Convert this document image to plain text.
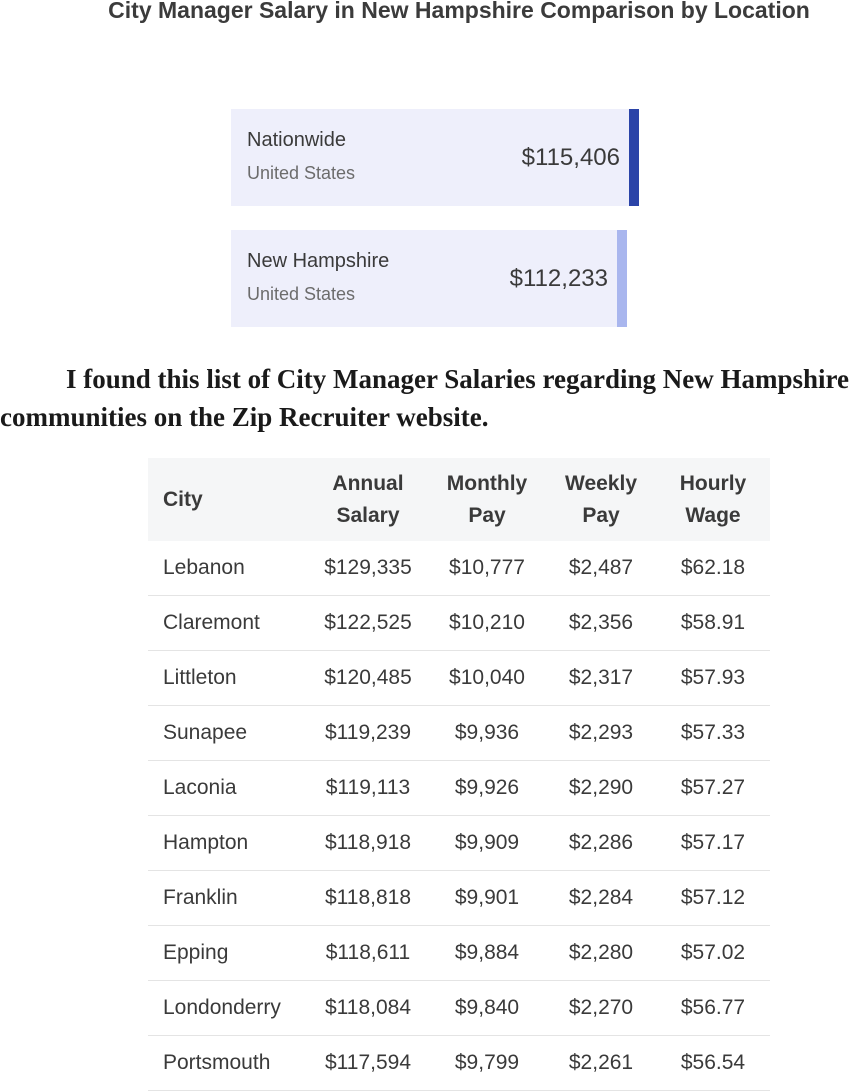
City Manager Salary in New Hampshire Comparison by Location
Nationwide
United States
$115,406
New Hampshire
United States
$112,233

I found this list of City Manager Salaries regarding New Hampshire communities on the Zip Recruiter website.

City	Annual Salary	Monthly Pay	Weekly Pay	Hourly Wage
Lebanon	$129,335	$10,777	$2,487	$62.18
Claremont	$122,525	$10,210	$2,356	$58.91
Littleton	$120,485	$10,040	$2,317	$57.93
Sunapee	$119,239	$9,936	$2,293	$57.33
Laconia	$119,113	$9,926	$2,290	$57.27
Hampton	$118,918	$9,909	$2,286	$57.17
Franklin	$118,818	$9,901	$2,284	$57.12
Epping	$118,611	$9,884	$2,280	$57.02
Londonderry	$118,084	$9,840	$2,270	$56.77
Portsmouth	$117,594	$9,799	$2,261	$56.54
